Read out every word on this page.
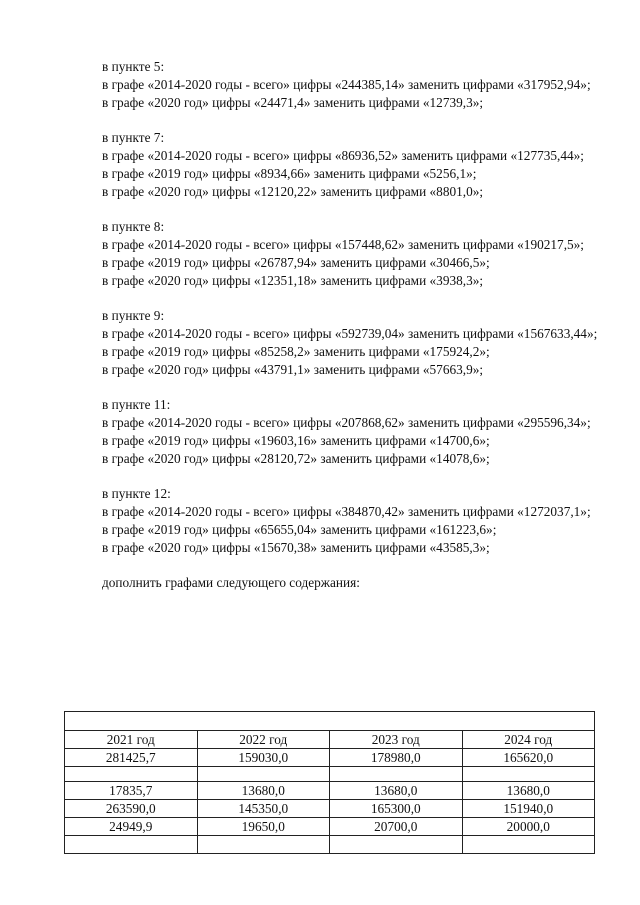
в пункте 5:

в графе «2014-2020 годы - всего» цифры «244385,14» заменить цифрами «317952,94»;

в графе «2020 год» цифры «24471,4» заменить цифрами «12739,3»;

в пункте 7:

в графе «2014-2020 годы - всего» цифры «86936,52» заменить цифрами «127735,44»;

в графе «2019 год» цифры «8934,66» заменить цифрами «5256,1»;

в графе «2020 год» цифры «12120,22» заменить цифрами «8801,0»;

в пункте 8:

в графе «2014-2020 годы - всего» цифры «157448,62» заменить цифрами «190217,5»;

в графе «2019 год» цифры «26787,94» заменить цифрами «30466,5»;

в графе «2020 год» цифры «12351,18» заменить цифрами «3938,3»;

в пункте 9:

в графе «2014-2020 годы - всего» цифры «592739,04» заменить цифрами «1567633,44»;

в графе «2019 год» цифры «85258,2» заменить цифрами «175924,2»;

в графе «2020 год» цифры «43791,1» заменить цифрами «57663,9»;

в пункте 11:

в графе «2014-2020 годы - всего» цифры «207868,62» заменить цифрами «295596,34»;

в графе «2019 год» цифры «19603,16» заменить цифрами «14700,6»;

в графе «2020 год» цифры «28120,72» заменить цифрами «14078,6»;

в пункте 12:

в графе «2014-2020 годы - всего» цифры «384870,42» заменить цифрами «1272037,1»;

в графе «2019 год» цифры «65655,04» заменить цифрами «161223,6»;

в графе «2020 год» цифры «15670,38» заменить цифрами «43585,3»;

дополнить графами следующего содержания:

2021 год	2022 год	2023 год	2024 год
281425,7	159030,0	178980,0	165620,0

17835,7	13680,0	13680,0	13680,0
263590,0	145350,0	165300,0	151940,0
24949,9	19650,0	20700,0	20000,0
